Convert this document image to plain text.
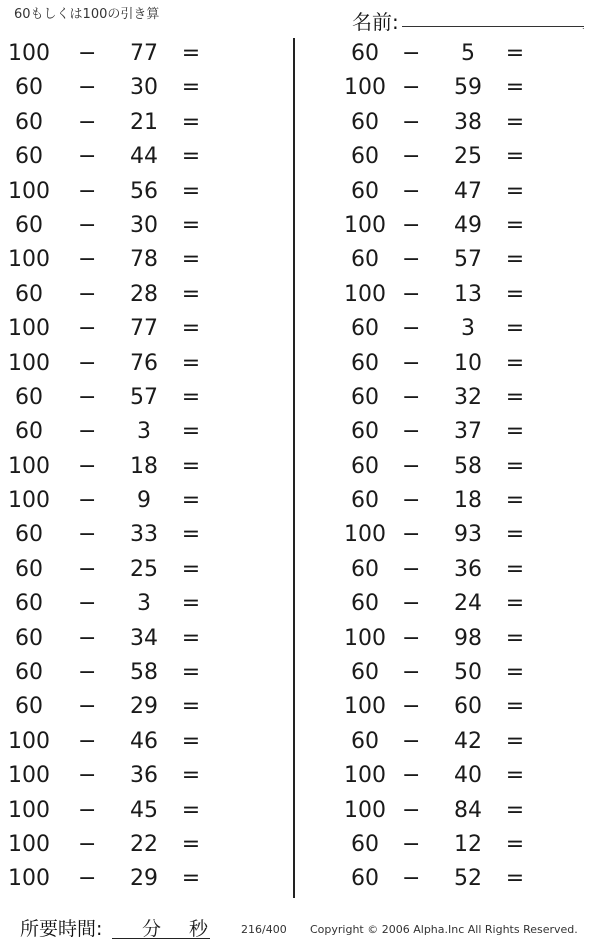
60もしくは100の引き算	名前:	.
100	−	77	=
60	−	30	=
60	−	21	=
60	−	44	=
100	−	56	=
60	−	30	=
100	−	78	=
60	−	28	=
100	−	77	=
100	−	76	=
60	−	57	=
60	−	3	=
100	−	18	=
100	−	9	=
60	−	33	=
60	−	25	=
60	−	3	=
60	−	34	=
60	−	58	=
60	−	29	=
100	−	46	=
100	−	36	=
100	−	45	=
100	−	22	=
100	−	29	=
60	−	5	=
100 −	59	=
60	−	38	=
60	−	25	=
60	−	47	=
100 −	49	=
60	−	57	=
100 −	13	=
60	−	3	=
60	−	10	=
60	−	32	=
60	−	37	=
60	−	58	=
60	−	18	=
100 −	93	=
60	−	36	=
60	−	24	=
100 −	98	=
60	−	50	=
100 −	60	=
60	−	42	=
100 −	40	=
100 −	84	=
60	−	12	=
60	−	52	=
所要時間: 分 秒	216/400 Copyright © 2006 Alpha.Inc All Rights Reserved.
